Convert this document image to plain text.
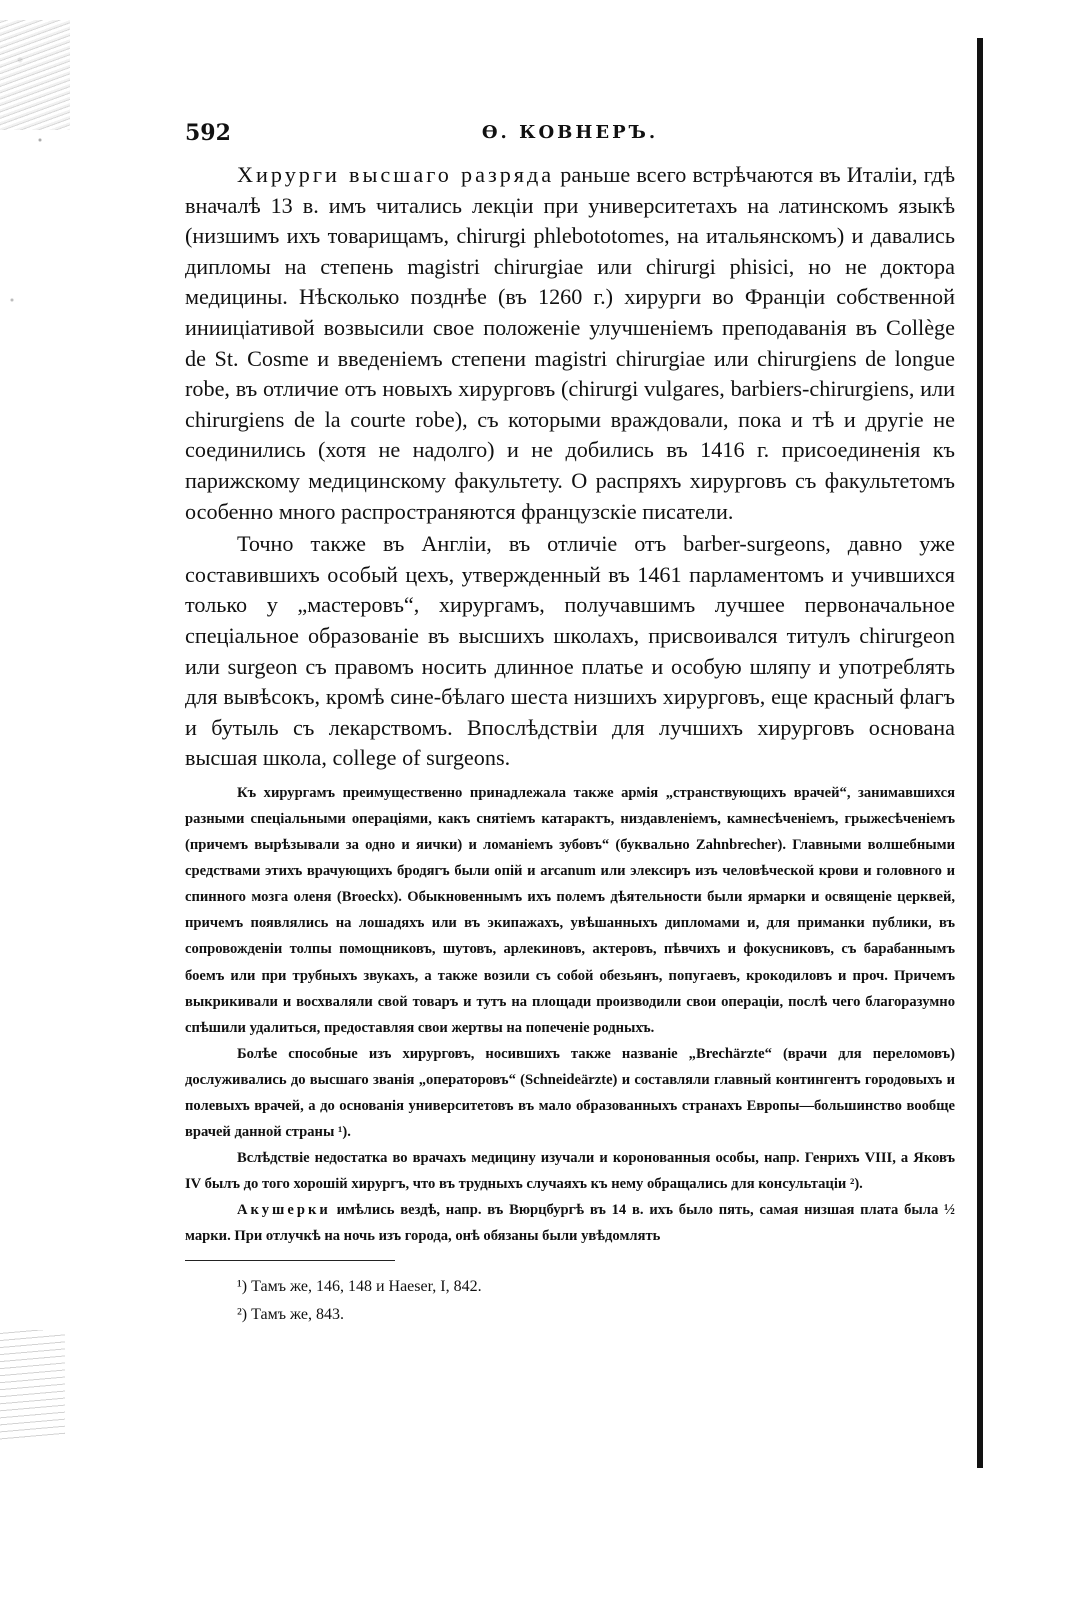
592	Ѳ. КОВНЕРЪ.

Хирурги высшаго разряда раньше всего встрѣчаются въ Италіи, гдѣ вначалѣ 13 в. имъ читались лекціи при университетахъ на латинскомъ языкѣ (низшимъ ихъ товарищамъ, chirurgi phlebototomes, на итальянскомъ) и давались дипломы на степень magistri chirurgiae или chirurgi phisici, но не доктора медицины. Нѣсколько позднѣе (въ 1260 г.) хирурги во Франціи собственной инииціативой возвысили свое положеніе улучшеніемъ преподаванія въ Collège de St. Cosme и введеніемъ степени magistri chirurgiae или chirurgiens de longue robe, въ отличие отъ новыхъ хирурговъ (chirurgi vulgares, barbiers-chirurgiens, или chirurgiens de la courte robe), съ которыми враждовали, пока и тѣ и другіе не соединились (хотя не надолго) и не добились въ 1416 г. присоединенія къ парижскому медицинскому факультету. О распряхъ хирурговъ съ факультетомъ особенно много распространяются французскіе писатели.

Точно также въ Англіи, въ отличіе отъ barber-surgeons, давно уже составившихъ особый цехъ, утвержденный въ 1461 парламентомъ и учившихся только у „мастеровъ“, хирургамъ, получавшимъ лучшее первоначальное спеціальное образованіе въ высшихъ школахъ, присвоивался титулъ chirurgeon или surgeon съ правомъ носить длинное платье и особую шляпу и употреблять для вывѣсокъ, кромѣ сине-бѣлаго шеста низшихъ хирурговъ, еще красный флагъ и бутыль съ лекарствомъ. Впослѣдствіи для лучшихъ хирурговъ основана высшая школа, college of surgeons.

Къ хирургамъ преимущественно принадлежала также армія „странствующихъ врачей“, занимавшихся разными спеціальными операціями, какъ снятіемъ катарактъ, низдавленіемъ, камнесѣченіемъ, грыжесѣченіемъ (причемъ вырѣзывали за одно и яички) и ломаніемъ зубовъ“ (буквально Zahnbrecher). Главными волшебными средствами этихъ врачующихъ бродягъ были опій и arcanum или элексиръ изъ человѣческой крови и головного и спинного мозга оленя (Broeckx). Обыкновеннымъ ихъ полемъ дѣятельности были ярмарки и освященіе церквей, причемъ появлялись на лошадяхъ или въ экипажахъ, увѣшанныхъ дипломами и, для приманки публики, въ сопровожденіи толпы помощниковъ, шутовъ, арлекиновъ, актеровъ, пѣвчихъ и фокусниковъ, съ барабаннымъ боемъ или при трубныхъ звукахъ, а также возили съ собой обезьянъ, попугаевъ, крокодиловъ и проч. Причемъ выкрикивали и восхваляли свой товаръ и тутъ на площади производили свои операціи, послѣ чего благоразумно спѣшили удалиться, предоставляя свои жертвы на попеченіе родныхъ.

Болѣе способные изъ хирурговъ, носившихъ также названіе „Brechärzte“ (врачи для переломовъ) дослуживались до высшаго званія „операторовъ“ (Schneideärzte) и составляли главный контингентъ городовыхъ и полевыхъ врачей, а до основанія университетовъ въ мало образованныхъ странахъ Европы—большинство вообще врачей данной страны ¹).

Вслѣдствіе недостатка во врачахъ медицину изучали и коронованныя особы, напр. Генрихъ VIII, а Яковъ IV былъ до того хорошій хирургъ, что въ трудныхъ случаяхъ къ нему обращались для консультаціи ²).

Акушерки имѣлись вездѣ, напр. въ Вюрцбургѣ въ 14 в. ихъ было пять, самая низшая плата была ½ марки. При отлучкѣ на ночь изъ города, онѣ обязаны были увѣдомлять

¹) Тамъ же, 146, 148 и Haeser, I, 842.
²) Тамъ же, 843.
